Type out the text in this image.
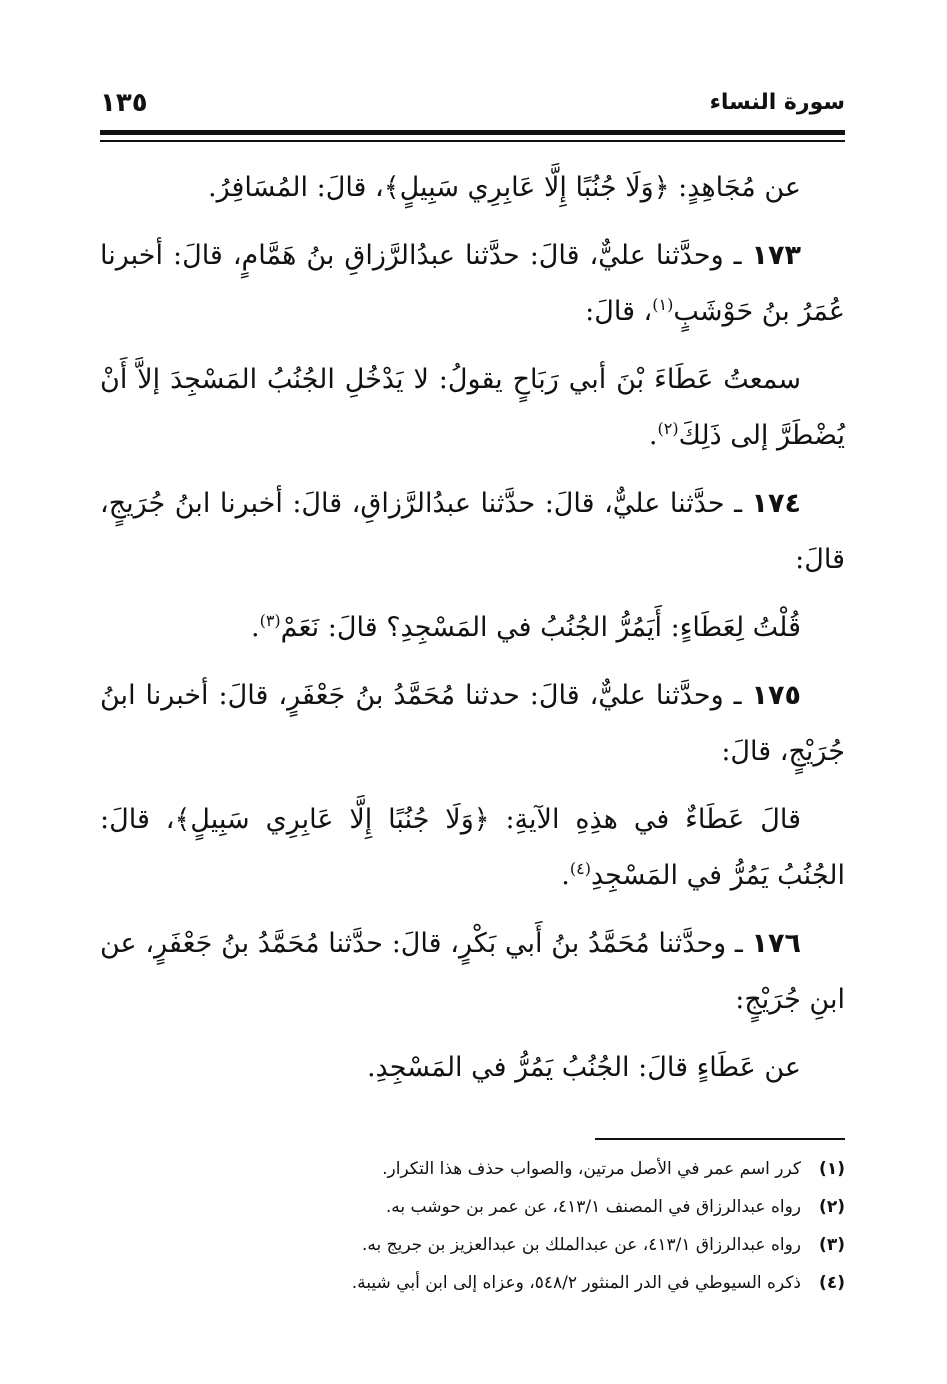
سورة النساء
١٣٥

عن مُجَاهِدٍ: ﴿وَلَا جُنُبًا إِلَّا عَابِرِي سَبِيلٍ﴾، قالَ: المُسَافِرُ.

١٧٣ ـ وحدَّثنا عليٌّ، قالَ: حدَّثنا عبدُالرَّزاقِ بنُ هَمَّامٍ، قالَ: أخبرنا عُمَرُ بنُ حَوْشَبٍ$^{(١)}$، قالَ:

سمعتُ عَطَاءَ بْنَ أبي رَبَاحٍ يقولُ: لا يَدْخُلِ الجُنُبُ المَسْجِدَ إلاَّ أَنْ يُضْطَرَّ إلى ذَلِكَ$^{(٢)}$.

١٧٤ ـ حدَّثنا عليٌّ، قالَ: حدَّثنا عبدُالرَّزاقِ، قالَ: أخبرنا ابنُ جُرَيجٍ، قالَ:

قُلْتُ لِعَطَاءٍ: أَيَمُرُّ الجُنُبُ في المَسْجِدِ؟ قالَ: نَعَمْ$^{(٣)}$.

١٧٥ ـ وحدَّثنا عليٌّ، قالَ: حدثنا مُحَمَّدُ بنُ جَعْفَرٍ، قالَ: أخبرنا ابنُ جُرَيْجٍ، قالَ:

قالَ عَطَاءٌ في هذِهِ الآيةِ: ﴿وَلَا جُنُبًا إِلَّا عَابِرِي سَبِيلٍ﴾، قالَ: الجُنُبُ يَمُرُّ في المَسْجِدِ$^{(٤)}$.

١٧٦ ـ وحدَّثنا مُحَمَّدُ بنُ أَبي بَكْرٍ، قالَ: حدَّثنا مُحَمَّدُ بنُ جَعْفَرٍ، عن ابنِ جُرَيْجٍ:

عن عَطَاءٍ قالَ: الجُنُبُ يَمُرُّ في المَسْجِدِ.

(١)
كرر اسم عمر في الأصل مرتين، والصواب حذف هذا التكرار.
(٢)
رواه عبدالرزاق في المصنف ٤١٣/١، عن عمر بن حوشب به.
(٣)
رواه عبدالرزاق ٤١٣/١، عن عبدالملك بن عبدالعزيز بن جريج به.
(٤)
ذكره السيوطي في الدر المنثور ٥٤٨/٢، وعزاه إلى ابن أبي شيبة.
